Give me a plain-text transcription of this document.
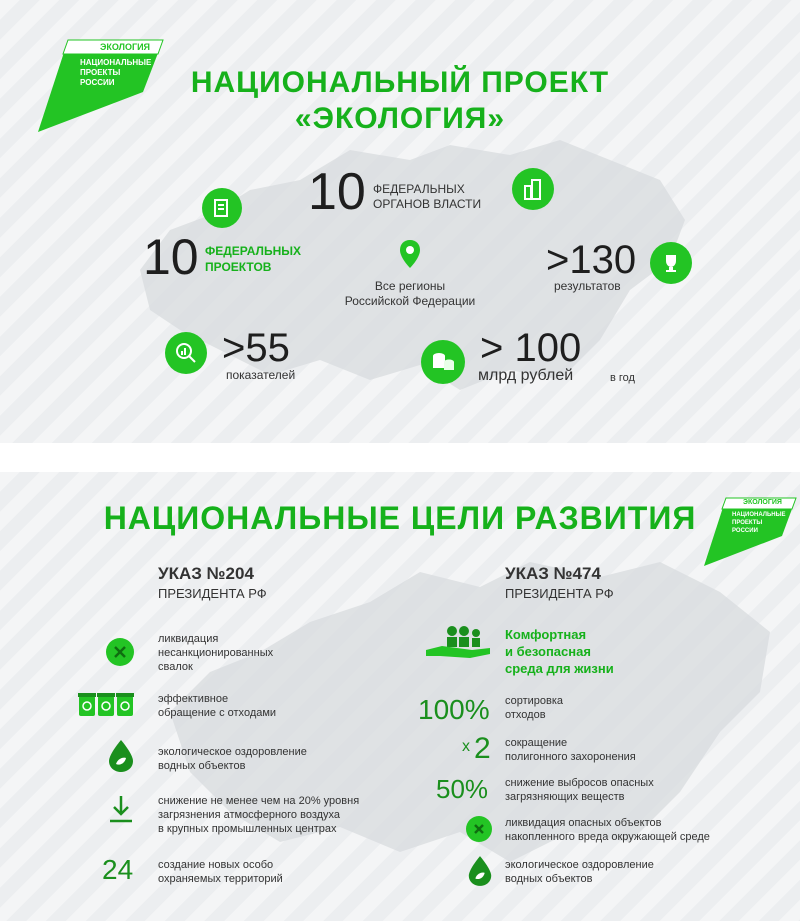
ЭКОЛОГИЯ
НАЦИОНАЛЬНЫЕ
ПРОЕКТЫ
РОССИИ	НАЦИОНАЛЬНЫЙ ПРОЕКТ
«ЭКОЛОГИЯ»
10 ФЕДЕРАЛЬНЫХ
ОРГАНОВ ВЛАСТИ
10 ФЕДЕРАЛЬНЫХ
ПРОЕКТОВ
Все регионы
Российской Федерации
>130
результатов
>55
показателей
> 100
млрд рублей	в год
НАЦИОНАЛЬНЫЕ ЦЕЛИ РАЗВИТИЯ	ЭКОЛОГИЯ
НАЦИОНАЛЬНЫЕ
ПРОЕКТЫ
РОССИИ
УКАЗ №204
ПРЕЗИДЕНТА РФ
ликвидация
несанкционированных
свалок
эффективное
обращение с отходами
экологическое оздоровление
водных объектов
снижение не менее чем на 20% уровня
загрязнения атмосферного воздуха
в крупных промышленных центрах
24 создание новых особо
охраняемых территорий
УКАЗ №474
ПРЕЗИДЕНТА РФ
Комфортная
и безопасная
среда для жизни
100% сортировка
отходов
x 2 сокращение
полигонного захоронения
50% снижение выбросов опасных
загрязняющих веществ
ликвидация опасных объектов
накопленного вреда окружающей среде
экологическое оздоровление
водных объектов
